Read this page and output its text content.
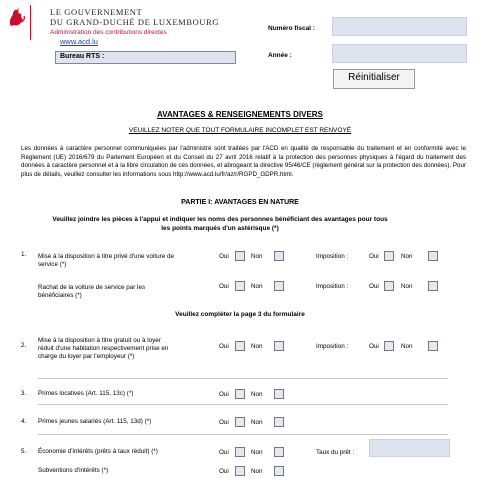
LE GOUVERNEMENT
DU GRAND-DUCHÉ DE LUXEMBOURG
Administration des contributions directes
www.acd.lu
Bureau RTS :
Numéro fiscal :
Année :
Réinitialiser
AVANTAGES & RENSEIGNEMENTS DIVERS
VEUILLEZ NOTER QUE TOUT FORMULAIRE INCOMPLET EST RENVOYÉ
Les données à caractère personnel communiquées par l'administré sont traitées par l'ACD en qualité de responsable du traitement et en conformité avec le Règlement (UE) 2016/679 du Parlement Européen et du Conseil du 27 avril 2016 relatif à la protection des personnes physiques à l'égard du traitement des données à caractère personnel et à la libre circulation de ces données, et abrogeant la directive 95/46/CE (règlement général sur la protection des données). Pour plus de détails, veuillez consulter les informations sous http://www.acd.lu/fr/az/r/RGPD_GDPR.html.
PARTIE I: AVANTAGES EN NATURE
Veuillez joindre les pièces à l'appui et indiquer les noms des personnes bénéficiant des avantages pour tous les points marqués d'un astérisque (*)
1. Mise à la disposition à titre privé d'une voiture de service (*)
Oui	Non	Imposition :	Oui	Non
Rachat de la voiture de service par les bénéficiaires (*)
Oui	Non	Imposition :	Oui	Non
Veuillez compléter la page 3 du formulaire
2.
Mise à la disposition à titre gratuit ou à loyer réduit d'une habitation respectivement prise en charge du loyer par l'employeur (*)
Oui	Non	Imposition :	Oui	Non
3. Primes locatives (Art. 115, 13c) (*)	Oui	Non
4. Primes jeunes salariés (Art. 115, 13d) (*)	Oui	Non
5. Économie d'intérêts (prêts à taux réduit) (*)	Oui	Non	Taux du prêt :
Subventions d'intérêts (*)	Oui	Non
